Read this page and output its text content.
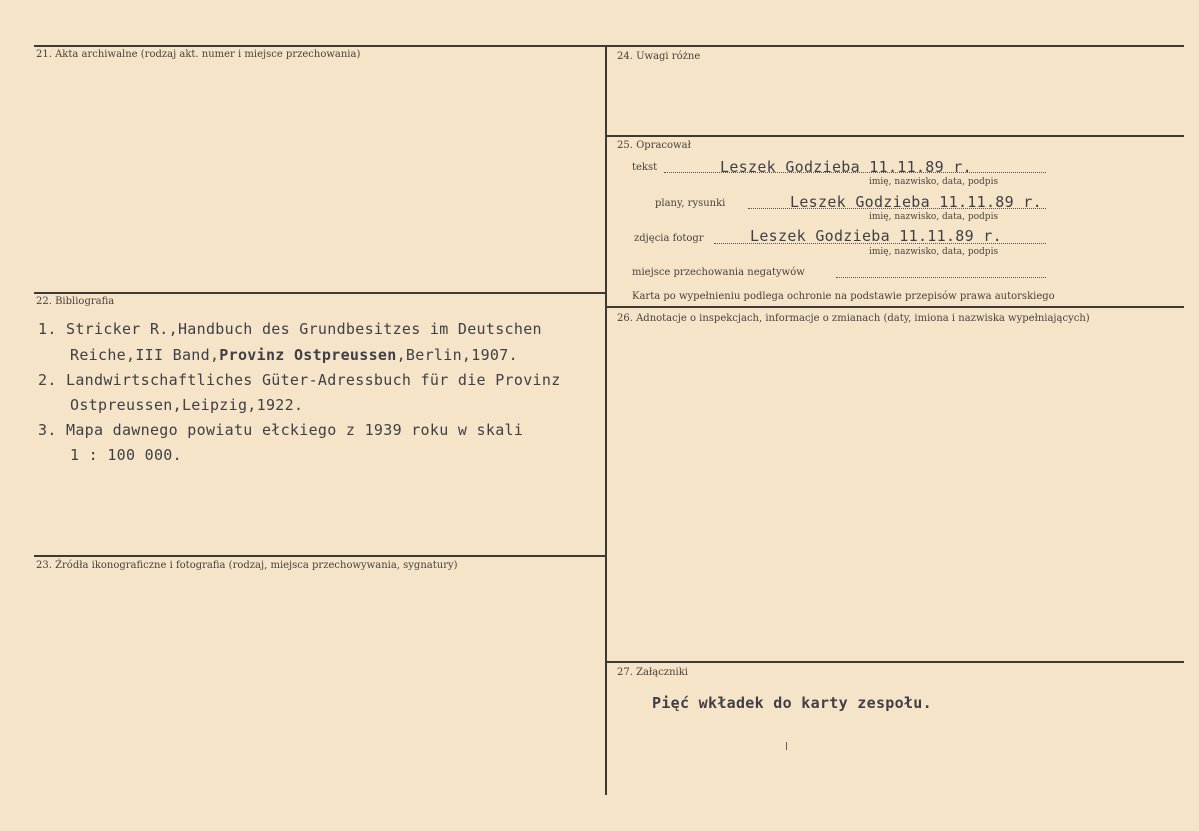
21. Akta archiwalne (rodzaj akt. numer i miejsce przechowania)
22. Bibliografia
1. Stricker R.,Handbuch des Grundbesitzes im Deutschen
Reiche,III Band,Provinz Ostpreussen,Berlin,1907.
2. Landwirtschaftliches Güter-Adressbuch für die Provinz
Ostpreussen,Leipzig,1922.
3. Mapa dawnego powiatu ełckiego z 1939 roku w skali
1 : 100 000.
23. Źródła ikonograficzne i fotografia (rodzaj, miejsca przechowywania, sygnatury)
24. Uwagi różne
25. Opracował
tekst	Leszek Godzieba 11.11.89 r.
imię, nazwisko, data, podpis
plany, rysunki	Leszek Godzieba 11.11.89 r.
imię, nazwisko, data, podpis
zdjęcia fotogr	Leszek Godzieba 11.11.89 r.
imię, nazwisko, data, podpis
miejsce przechowania negatywów
Karta po wypełnieniu podlega ochronie na podstawie przepisów prawa autorskiego
26. Adnotacje o inspekcjach, informacje o zmianach (daty, imiona i nazwiska wypełniających)
27. Załączniki
Pięć wkładek do karty zespołu.
